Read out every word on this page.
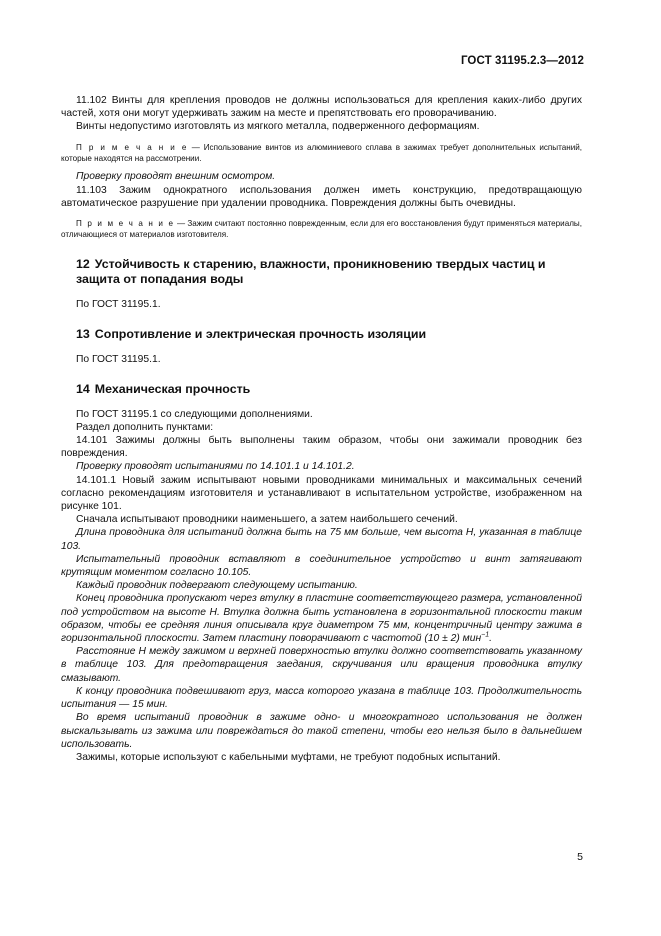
ГОСТ 31195.2.3—2012

11.102 Винты для крепления проводов не должны использоваться для крепления каких-либо других частей, хотя они могут удерживать зажим на месте и препятствовать его проворачиванию.

Винты недопустимо изготовлять из мягкого металла, подверженного деформациям.

П р и м е ч а н и е — Использование винтов из алюминиевого сплава в зажимах требует дополнительных испытаний, которые находятся на рассмотрении.

Проверку проводят внешним осмотром.

11.103 Зажим однократного использования должен иметь конструкцию, предотвращающую автоматическое разрушение при удалении проводника. Повреждения должны быть очевидны.

П р и м е ч а н и е — Зажим считают постоянно поврежденным, если для его восстановления будут применяться материалы, отличающиеся от материалов изготовителя.

12 Устойчивость к старению, влажности, проникновению твердых частиц и защита от попадания воды

По ГОСТ 31195.1.

13 Сопротивление и электрическая прочность изоляции

По ГОСТ 31195.1.

14 Механическая прочность

По ГОСТ 31195.1 со следующими дополнениями.

Раздел дополнить пунктами:

14.101 Зажимы должны быть выполнены таким образом, чтобы они зажимали проводник без повреждения.

Проверку проводят испытаниями по 14.101.1 и 14.101.2.

14.101.1 Новый зажим испытывают новыми проводниками минимальных и максимальных сечений согласно рекомендациям изготовителя и устанавливают в испытательном устройстве, изображенном на рисунке 101.

Сначала испытывают проводники наименьшего, а затем наибольшего сечений.

Длина проводника для испытаний должна быть на 75 мм больше, чем высота Н, указанная в таблице 103.

Испытательный проводник вставляют в соединительное устройство и винт затягивают крутящим моментом согласно 10.105.

Каждый проводник подвергают следующему испытанию.

Конец проводника пропускают через втулку в пластине соответствующего размера, установленной под устройством на высоте Н. Втулка должна быть установлена в горизонтальной плоскости таким образом, чтобы ее средняя линия описывала круг диаметром 75 мм, концентричный центру зажима в горизонтальной плоскости. Затем пластину поворачивают с частотой (10 ± 2) мин$^{-1}$.

Расстояние Н между зажимом и верхней поверхностью втулки должно соответствовать указанному в таблице 103. Для предотвращения заедания, скручивания или вращения проводника втулку смазывают.

К концу проводника подвешивают груз, масса которого указана в таблице 103. Продолжительность испытания — 15 мин.

Во время испытаний проводник в зажиме одно- и многократного использования не должен выскальзывать из зажима или повреждаться до такой степени, чтобы его нельзя было в дальнейшем использовать.

Зажимы, которые используют с кабельными муфтами, не требуют подобных испытаний.

5
